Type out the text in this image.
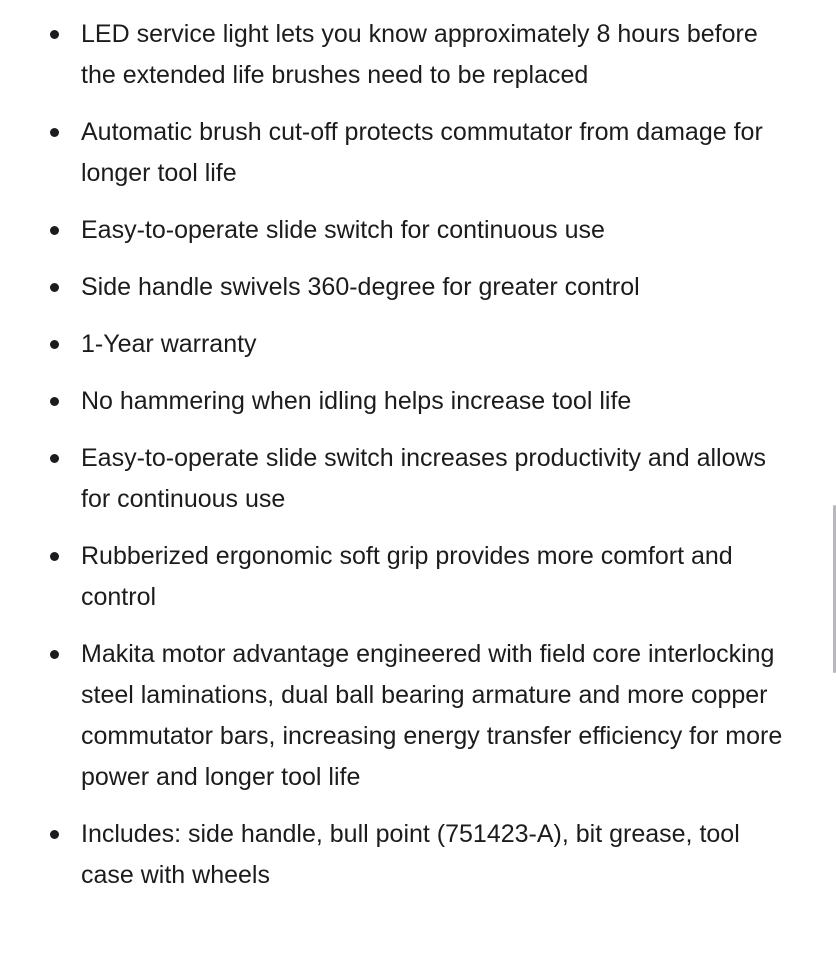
LED service light lets you know approximately 8 hours before the extended life brushes need to be replaced
Automatic brush cut-off protects commutator from damage for longer tool life
Easy-to-operate slide switch for continuous use
Side handle swivels 360-degree for greater control
1-Year warranty
No hammering when idling helps increase tool life
Easy-to-operate slide switch increases productivity and allows for continuous use
Rubberized ergonomic soft grip provides more comfort and control
Makita motor advantage engineered with field core interlocking steel laminations, dual ball bearing armature and more copper commutator bars, increasing energy transfer efficiency for more power and longer tool life
Includes: side handle, bull point (751423-A), bit grease, tool case with wheels
